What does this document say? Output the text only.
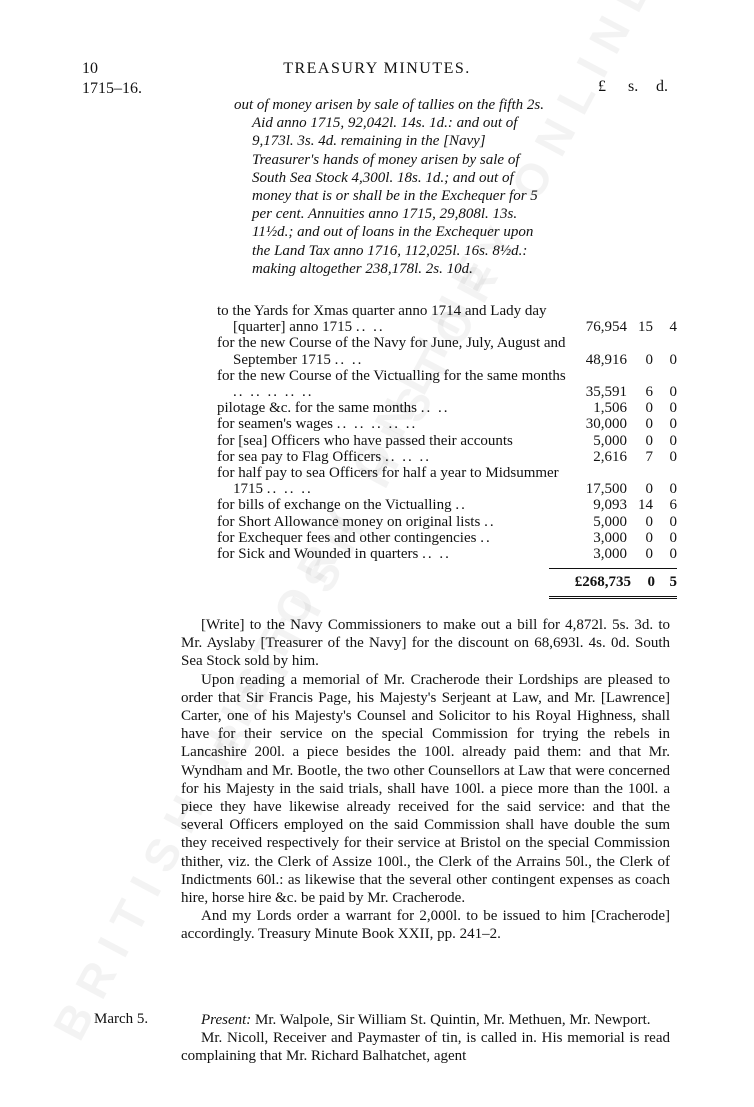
10	TREASURY MINUTES.
1715–16.	£ s. d.

out of money arisen by sale of tallies on the fifth 2s. Aid anno 1715, 92,042l. 14s. 1d.: and out of 9,173l. 3s. 4d. remaining in the [Navy] Treasurer's hands of money arisen by sale of South Sea Stock 4,300l. 18s. 1d.; and out of money that is or shall be in the Exchequer for 5 per cent. Annuities anno 1715, 29,808l. 13s. 11½d.; and out of loans in the Exchequer upon the Land Tax anno 1716, 112,025l. 16s. 8½d.: making altogether 238,178l. 2s. 10d.

to the Yards for Xmas quarter anno 1714 and Lady day [quarter] anno 1715 .. ..	76,954 15	4
for the new Course of the Navy for June, July, August and September 1715 .. ..	48,916	0	0
for the new Course of the Victualling for the same months .. .. .. .. ..	35,591	6	0
pilotage &c. for the same months .. ..	1,506	0	0
for seamen's wages .. .. .. .. ..	30,000	0	0
for [sea] Officers who have passed their accounts	5,000	0	0
for sea pay to Flag Officers .. .. ..	2,616	7	0
for half pay to sea Officers for half a year to Midsummer 1715 .. .. ..	17,500	0	0
for bills of exchange on the Victualling ..	9,093 14	6
for Short Allowance money on original lists ..	5,000	0	0
for Exchequer fees and other contingencies ..	3,000	0	0
for Sick and Wounded in quarters .. ..	3,000	0	0
£268,735	0 5

[Write] to the Navy Commissioners to make out a bill for 4,872l. 5s. 3d. to Mr. Ayslaby [Treasurer of the Navy] for the discount on 68,693l. 4s. 0d. South Sea Stock sold by him.

Upon reading a memorial of Mr. Cracherode their Lordships are pleased to order that Sir Francis Page, his Majesty's Serjeant at Law, and Mr. [Lawrence] Carter, one of his Majesty's Counsel and Solicitor to his Royal Highness, shall have for their service on the special Commission for trying the rebels in Lancashire 200l. a piece besides the 100l. already paid them: and that Mr. Wyndham and Mr. Bootle, the two other Counsellors at Law that were concerned for his Majesty in the said trials, shall have 100l. a piece more than the 100l. a piece they have likewise already received for the said service: and that the several Officers employed on the said Commission shall have double the sum they received respectively for their service at Bristol on the special Commission thither, viz. the Clerk of Assize 100l., the Clerk of the Arrains 50l., the Clerk of Indictments 60l.: as likewise that the several other contingent expenses as coach hire, horse hire &c. be paid by Mr. Cracherode.

And my Lords order a warrant for 2,000l. to be issued to him [Cracherode] accordingly. Treasury Minute Book XXII, pp. 241–2.

March 5.	Present: Mr. Walpole, Sir William St. Quintin, Mr. Methuen, Mr. Newport.

Mr. Nicoll, Receiver and Paymaster of tin, is called in. His memorial is read complaining that Mr. Richard Balhatchet, agent
